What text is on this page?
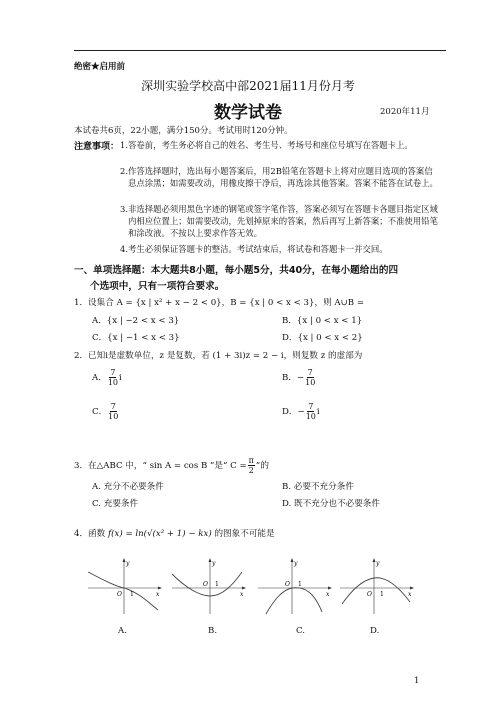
绝密★启用前
深圳实验学校高中部2021届11月份月考
数学试卷	2020年11月
本试卷共6页，22小题，满分150分。考试用时120分钟。
注意事项： 1. 答卷前，考生务必将自己的姓名、考生号、考场号和座位号填写在答题卡上。
2. 作答选择题时，选出每小题答案后，用2B铅笔在答题卡上将对应题目选项的答案信息点涂黑；如需要改动，用橡皮擦干净后，再选涂其他答案。答案不能答在试卷上。
3. 非选择题必须用黑色字迹的钢笔或签字笔作答，答案必须写在答题卡各题目指定区域内相应位置上；如需要改动，先划掉原来的答案，然后再写上新答案；不准使用铅笔和涂改液。不按以上要求作答无效。
4. 考生必须保证答题卡的整洁。考试结束后，将试卷和答题卡一并交回。
一、单项选择题：本大题共8小题，每小题5分，共40分，在每小题给出的四
个选项中，只有一项符合要求。
1．设集合 A = {x | x² + x − 2 < 0}，B = {x | 0 < x < 3}，则 A∪B =
A．{x | −2 < x < 3}	B．{x | 0 < x < 1}
C．{x | −1 < x < 3}	D．{x | 0 < x < 2}
2．已知i是虚数单位，z 是复数，若 (1 + 3i)z = 2 − i，则复数 z 的虚部为
A． $\frac{7}{10}$ i	B．− $\frac{7}{10}$
C． $\frac{7}{10}$	D．− $\frac{7}{10}$ i
3．在△ABC 中，“ sin A = cos B ”是“ $C = \frac{\pi}{2}$ ”的
A. 充分不必要条件	B. 必要不充分条件
C. 充要条件	D. 既不充分也不必要条件
4．函数 f(x) = ln(√(x² + 1) − kx) 的图象不可能是
y
x
O 1
A.
y
x
O 1
B.
y
x
O 1
C.
y
x
O 1
D.
1
